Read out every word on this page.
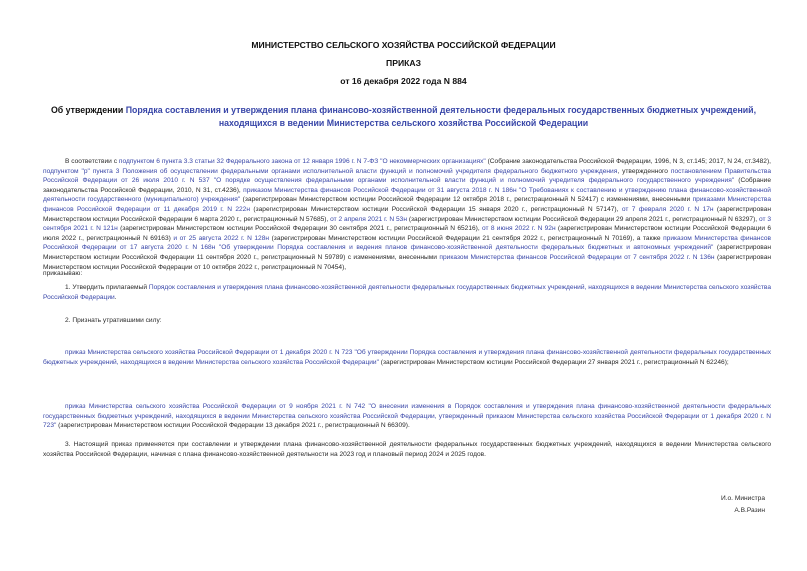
МИНИСТЕРСТВО СЕЛЬСКОГО ХОЗЯЙСТВА РОССИЙСКОЙ ФЕДЕРАЦИИ
ПРИКАЗ
от 16 декабря 2022 года N 884
Об утверждении Порядка составления и утверждения плана финансово-хозяйственной деятельности федеральных государственных бюджетных учреждений, находящихся в ведении Министерства сельского хозяйства Российской Федерации
В соответствии с подпунктом 6 пункта 3.3 статьи 32 Федерального закона от 12 января 1996 г. N 7-ФЗ "О некоммерческих организациях" (Собрание законодательства Российской Федерации, 1996, N 3, ст.145; 2017, N 24, ст.3482), подпунктом "р" пункта 3 Положения об осуществлении федеральными органами исполнительной власти функций и полномочий учредителя федерального бюджетного учреждения, утвержденного постановлением Правительства Российской Федерации от 26 июля 2010 г. N 537 "О порядке осуществления федеральными органами исполнительной власти функций и полномочий учредителя федерального государственного учреждения" (Собрание законодательства Российской Федерации, 2010, N 31, ст.4236), приказом Министерства финансов Российской Федерации от 31 августа 2018 г. N 186н "О Требованиях к составлению и утверждению плана финансово-хозяйственной деятельности государственного (муниципального) учреждения" (зарегистрирован Министерством юстиции Российской Федерации 12 октября 2018 г., регистрационный N 52417) с изменениями, внесенными приказами Министерства финансов Российской Федерации от 11 декабря 2019 г. N 222н (зарегистрирован Министерством юстиции Российской Федерации 15 января 2020 г., регистрационный N 57147), от 7 февраля 2020 г. N 17н (зарегистрирован Министерством юстиции Российской Федерации 6 марта 2020 г., регистрационный N 57685), от 2 апреля 2021 г. N 53н (зарегистрирован Министерством юстиции Российской Федерации 29 апреля 2021 г., регистрационный N 63297), от 3 сентября 2021 г. N 121н (зарегистрирован Министерством юстиции Российской Федерации 30 сентября 2021 г., регистрационный N 65216), от 8 июня 2022 г. N 92н (зарегистрирован Министерством юстиции Российской Федерации 6 июля 2022 г., регистрационный N 69163) и от 25 августа 2022 г. N 128н (зарегистрирован Министерством юстиции Российской Федерации 21 сентября 2022 г., регистрационный N 70169), а также приказом Министерства финансов Российской Федерации от 17 августа 2020 г. N 168н "Об утверждении Порядка составления и ведения планов финансово-хозяйственной деятельности федеральных бюджетных и автономных учреждений" (зарегистрирован Министерством юстиции Российской Федерации 11 сентября 2020 г., регистрационный N 59789) с изменениями, внесенными приказом Министерства финансов Российской Федерации от 7 сентября 2022 г. N 136н (зарегистрирован Министерством юстиции Российской Федерации от 10 октября 2022 г., регистрационный N 70454),
приказываю:
1. Утвердить прилагаемый Порядок составления и утверждения плана финансово-хозяйственной деятельности федеральных государственных бюджетных учреждений, находящихся в ведении Министерства сельского хозяйства Российской Федерации.
2. Признать утратившими силу:
приказ Министерства сельского хозяйства Российской Федерации от 1 декабря 2020 г. N 723 "Об утверждении Порядка составления и утверждения плана финансово-хозяйственной деятельности федеральных государственных бюджетных учреждений, находящихся в ведении Министерства сельского хозяйства Российской Федерации" (зарегистрирован Министерством юстиции Российской Федерации 27 января 2021 г., регистрационный N 62246);
приказ Министерства сельского хозяйства Российской Федерации от 9 ноября 2021 г. N 742 "О внесении изменения в Порядок составления и утверждения плана финансово-хозяйственной деятельности федеральных государственных бюджетных учреждений, находящихся в ведении Министерства сельского хозяйства Российской Федерации, утвержденный приказом Министерства сельского хозяйства Российской Федерации от 1 декабря 2020 г. N 723" (зарегистрирован Министерством юстиции Российской Федерации 13 декабря 2021 г., регистрационный N 66309).
3. Настоящий приказ применяется при составлении и утверждении плана финансово-хозяйственной деятельности федеральных государственных бюджетных учреждений, находящихся в ведении Министерства сельского хозяйства Российской Федерации, начиная с плана финансово-хозяйственной деятельности на 2023 год и плановый период 2024 и 2025 годов.
И.о. Министра
А.В.Разин
